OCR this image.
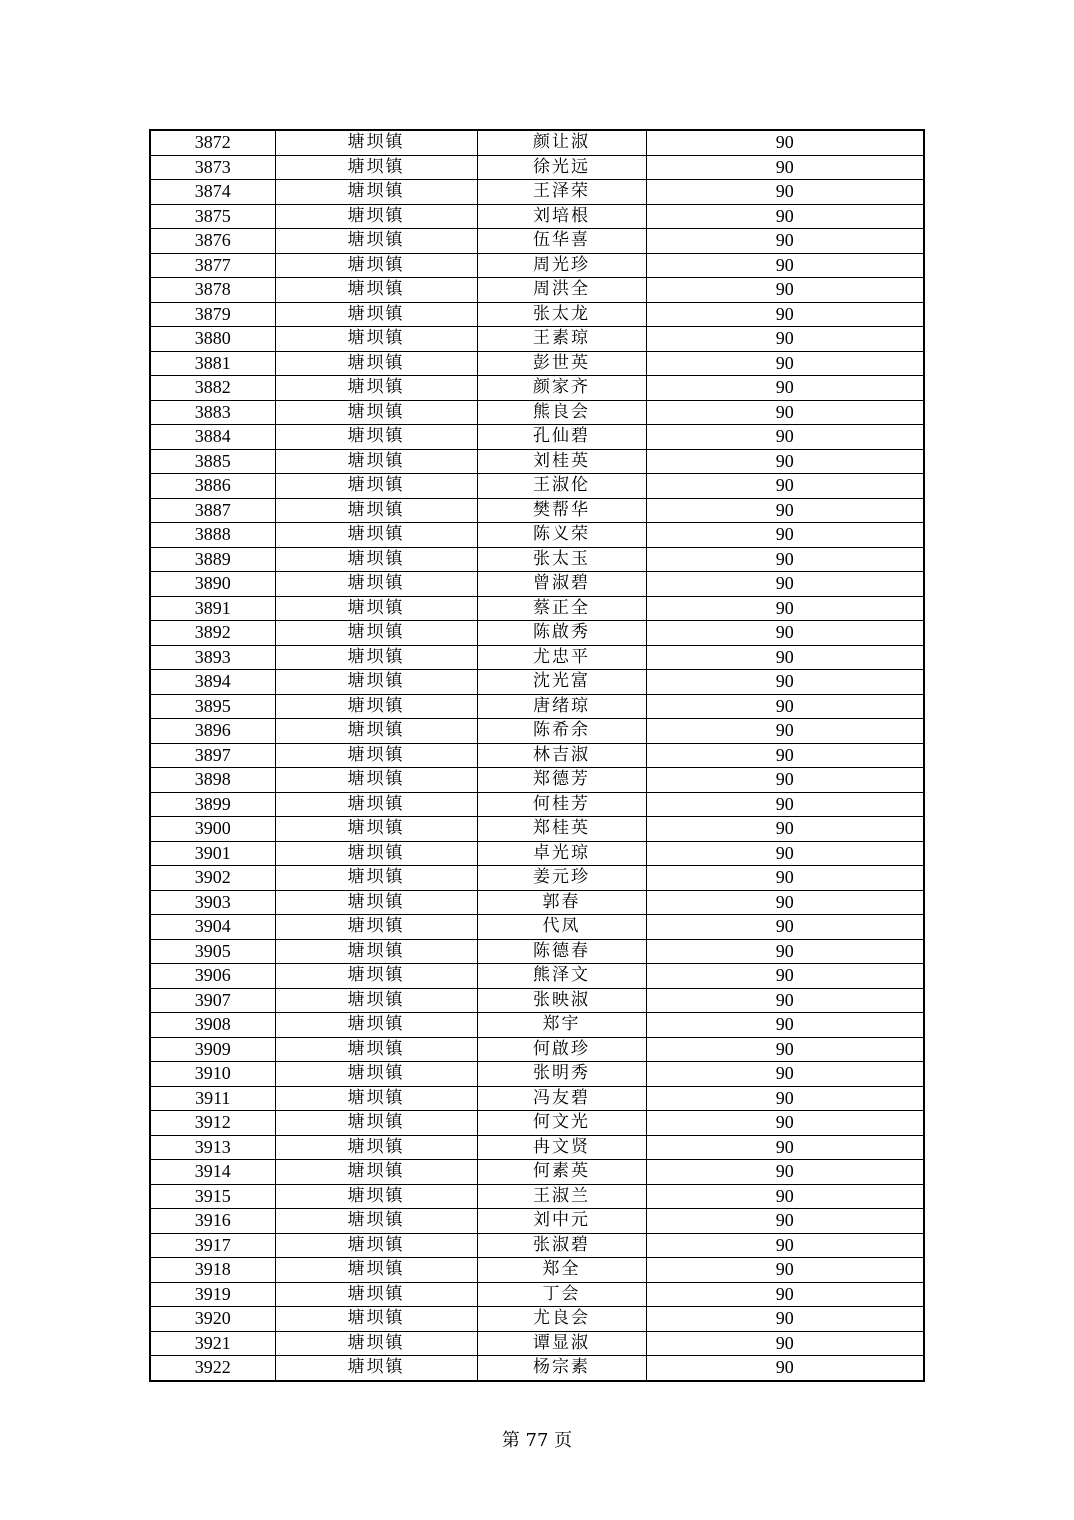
3872	塘坝镇	颜让淑	90
3873	塘坝镇	徐光远	90
3874	塘坝镇	王泽荣	90
3875	塘坝镇	刘培根	90
3876	塘坝镇	伍华喜	90
3877	塘坝镇	周光珍	90
3878	塘坝镇	周洪全	90
3879	塘坝镇	张太龙	90
3880	塘坝镇	王素琼	90
3881	塘坝镇	彭世英	90
3882	塘坝镇	颜家齐	90
3883	塘坝镇	熊良会	90
3884	塘坝镇	孔仙碧	90
3885	塘坝镇	刘桂英	90
3886	塘坝镇	王淑伦	90
3887	塘坝镇	樊帮华	90
3888	塘坝镇	陈义荣	90
3889	塘坝镇	张太玉	90
3890	塘坝镇	曾淑碧	90
3891	塘坝镇	蔡正全	90
3892	塘坝镇	陈啟秀	90
3893	塘坝镇	尤忠平	90
3894	塘坝镇	沈光富	90
3895	塘坝镇	唐绪琼	90
3896	塘坝镇	陈希余	90
3897	塘坝镇	林吉淑	90
3898	塘坝镇	郑德芳	90
3899	塘坝镇	何桂芳	90
3900	塘坝镇	郑桂英	90
3901	塘坝镇	卓光琼	90
3902	塘坝镇	姜元珍	90
3903	塘坝镇	郭春	90
3904	塘坝镇	代凤	90
3905	塘坝镇	陈德春	90
3906	塘坝镇	熊泽文	90
3907	塘坝镇	张映淑	90
3908	塘坝镇	郑宇	90
3909	塘坝镇	何啟珍	90
3910	塘坝镇	张明秀	90
3911	塘坝镇	冯友碧	90
3912	塘坝镇	何文光	90
3913	塘坝镇	冉文贤	90
3914	塘坝镇	何素英	90
3915	塘坝镇	王淑兰	90
3916	塘坝镇	刘中元	90
3917	塘坝镇	张淑碧	90
3918	塘坝镇	郑全	90
3919	塘坝镇	丁会	90
3920	塘坝镇	尤良会	90
3921	塘坝镇	谭显淑	90
3922	塘坝镇	杨宗素	90
第 77 页
